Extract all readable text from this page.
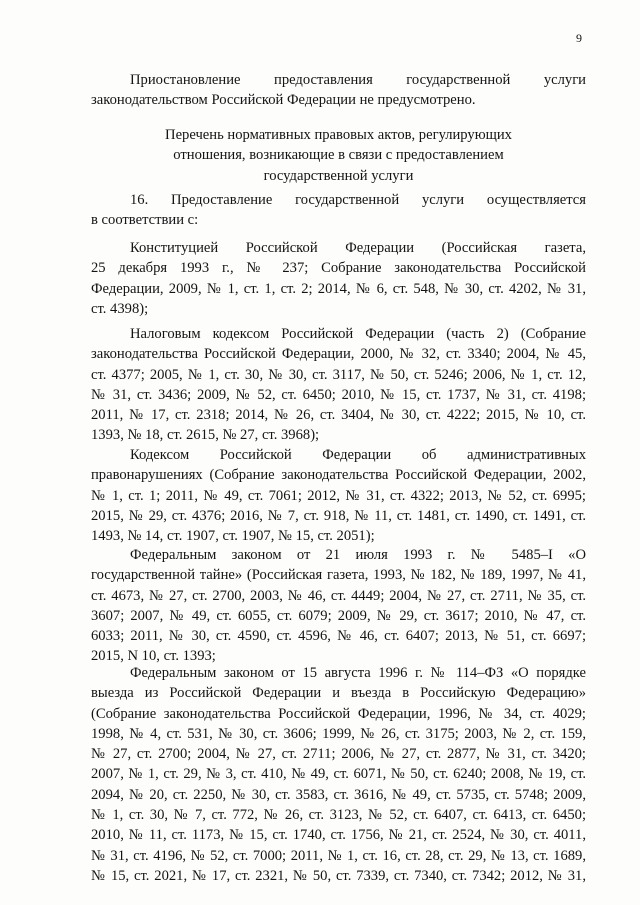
9
Приостановление предоставления государственной услуги
законодательством Российской Федерации не предусмотрено.
Перечень нормативных правовых актов, регулирующих
отношения, возникающие в связи с предоставлением
государственной услуги
16. Предоставление государственной услуги осуществляется
в соответствии с:
Конституцией Российской Федерации (Российская газета,
25 декабря 1993 г., № 237; Собрание законодательства Российской
Федерации, 2009, № 1, ст. 1, ст. 2; 2014, № 6, ст. 548, № 30, ст. 4202, № 31,
ст. 4398);
Налоговым кодексом Российской Федерации (часть 2) (Собрание
законодательства Российской Федерации, 2000, № 32, ст. 3340; 2004, № 45,
ст. 4377; 2005, № 1, ст. 30, № 30, ст. 3117, № 50, ст. 5246; 2006, № 1, ст. 12,
№ 31, ст. 3436; 2009, № 52, ст. 6450; 2010, № 15, ст. 1737, № 31, ст. 4198;
2011, № 17, ст. 2318; 2014, № 26, ст. 3404, № 30, ст. 4222; 2015, № 10, ст.
1393, № 18, ст. 2615, № 27, ст. 3968);
Кодексом Российской Федерации об административных
правонарушениях (Собрание законодательства Российской Федерации, 2002,
№ 1, ст. 1; 2011, № 49, ст. 7061; 2012, № 31, ст. 4322; 2013, № 52, ст. 6995;
2015, № 29, ст. 4376; 2016, № 7, ст. 918, № 11, ст. 1481, ст. 1490, ст. 1491, ст.
1493, № 14, ст. 1907, ст. 1907, № 15, ст. 2051);
Федеральным законом от 21 июля 1993 г. № 5485–I «О
государственной тайне» (Российская газета, 1993, № 182, № 189, 1997, № 41,
ст. 4673, № 27, ст. 2700, 2003, № 46, ст. 4449; 2004, № 27, ст. 2711, № 35, ст.
3607; 2007, № 49, ст. 6055, ст. 6079; 2009, № 29, ст. 3617; 2010, № 47, ст.
6033; 2011, № 30, ст. 4590, ст. 4596, № 46, ст. 6407; 2013, № 51, ст. 6697;
2015, N 10, ст. 1393;
Федеральным законом от 15 августа 1996 г. № 114–ФЗ «О порядке
выезда из Российской Федерации и въезда в Российскую Федерацию»
(Собрание законодательства Российской Федерации, 1996, № 34, ст. 4029;
1998, № 4, ст. 531, № 30, ст. 3606; 1999, № 26, ст. 3175; 2003, № 2, ст. 159,
№ 27, ст. 2700; 2004, № 27, ст. 2711; 2006, № 27, ст. 2877, № 31, ст. 3420;
2007, № 1, ст. 29, № 3, ст. 410, № 49, ст. 6071, № 50, ст. 6240; 2008, № 19, ст.
2094, № 20, ст. 2250, № 30, ст. 3583, ст. 3616, № 49, ст. 5735, ст. 5748; 2009,
№ 1, ст. 30, № 7, ст. 772, № 26, ст. 3123, № 52, ст. 6407, ст. 6413, ст. 6450;
2010, № 11, ст. 1173, № 15, ст. 1740, ст. 1756, № 21, ст. 2524, № 30, ст. 4011,
№ 31, ст. 4196, № 52, ст. 7000; 2011, № 1, ст. 16, ст. 28, ст. 29, № 13, ст. 1689,
№ 15, ст. 2021, № 17, ст. 2321, № 50, ст. 7339, ст. 7340, ст. 7342; 2012, № 31,
